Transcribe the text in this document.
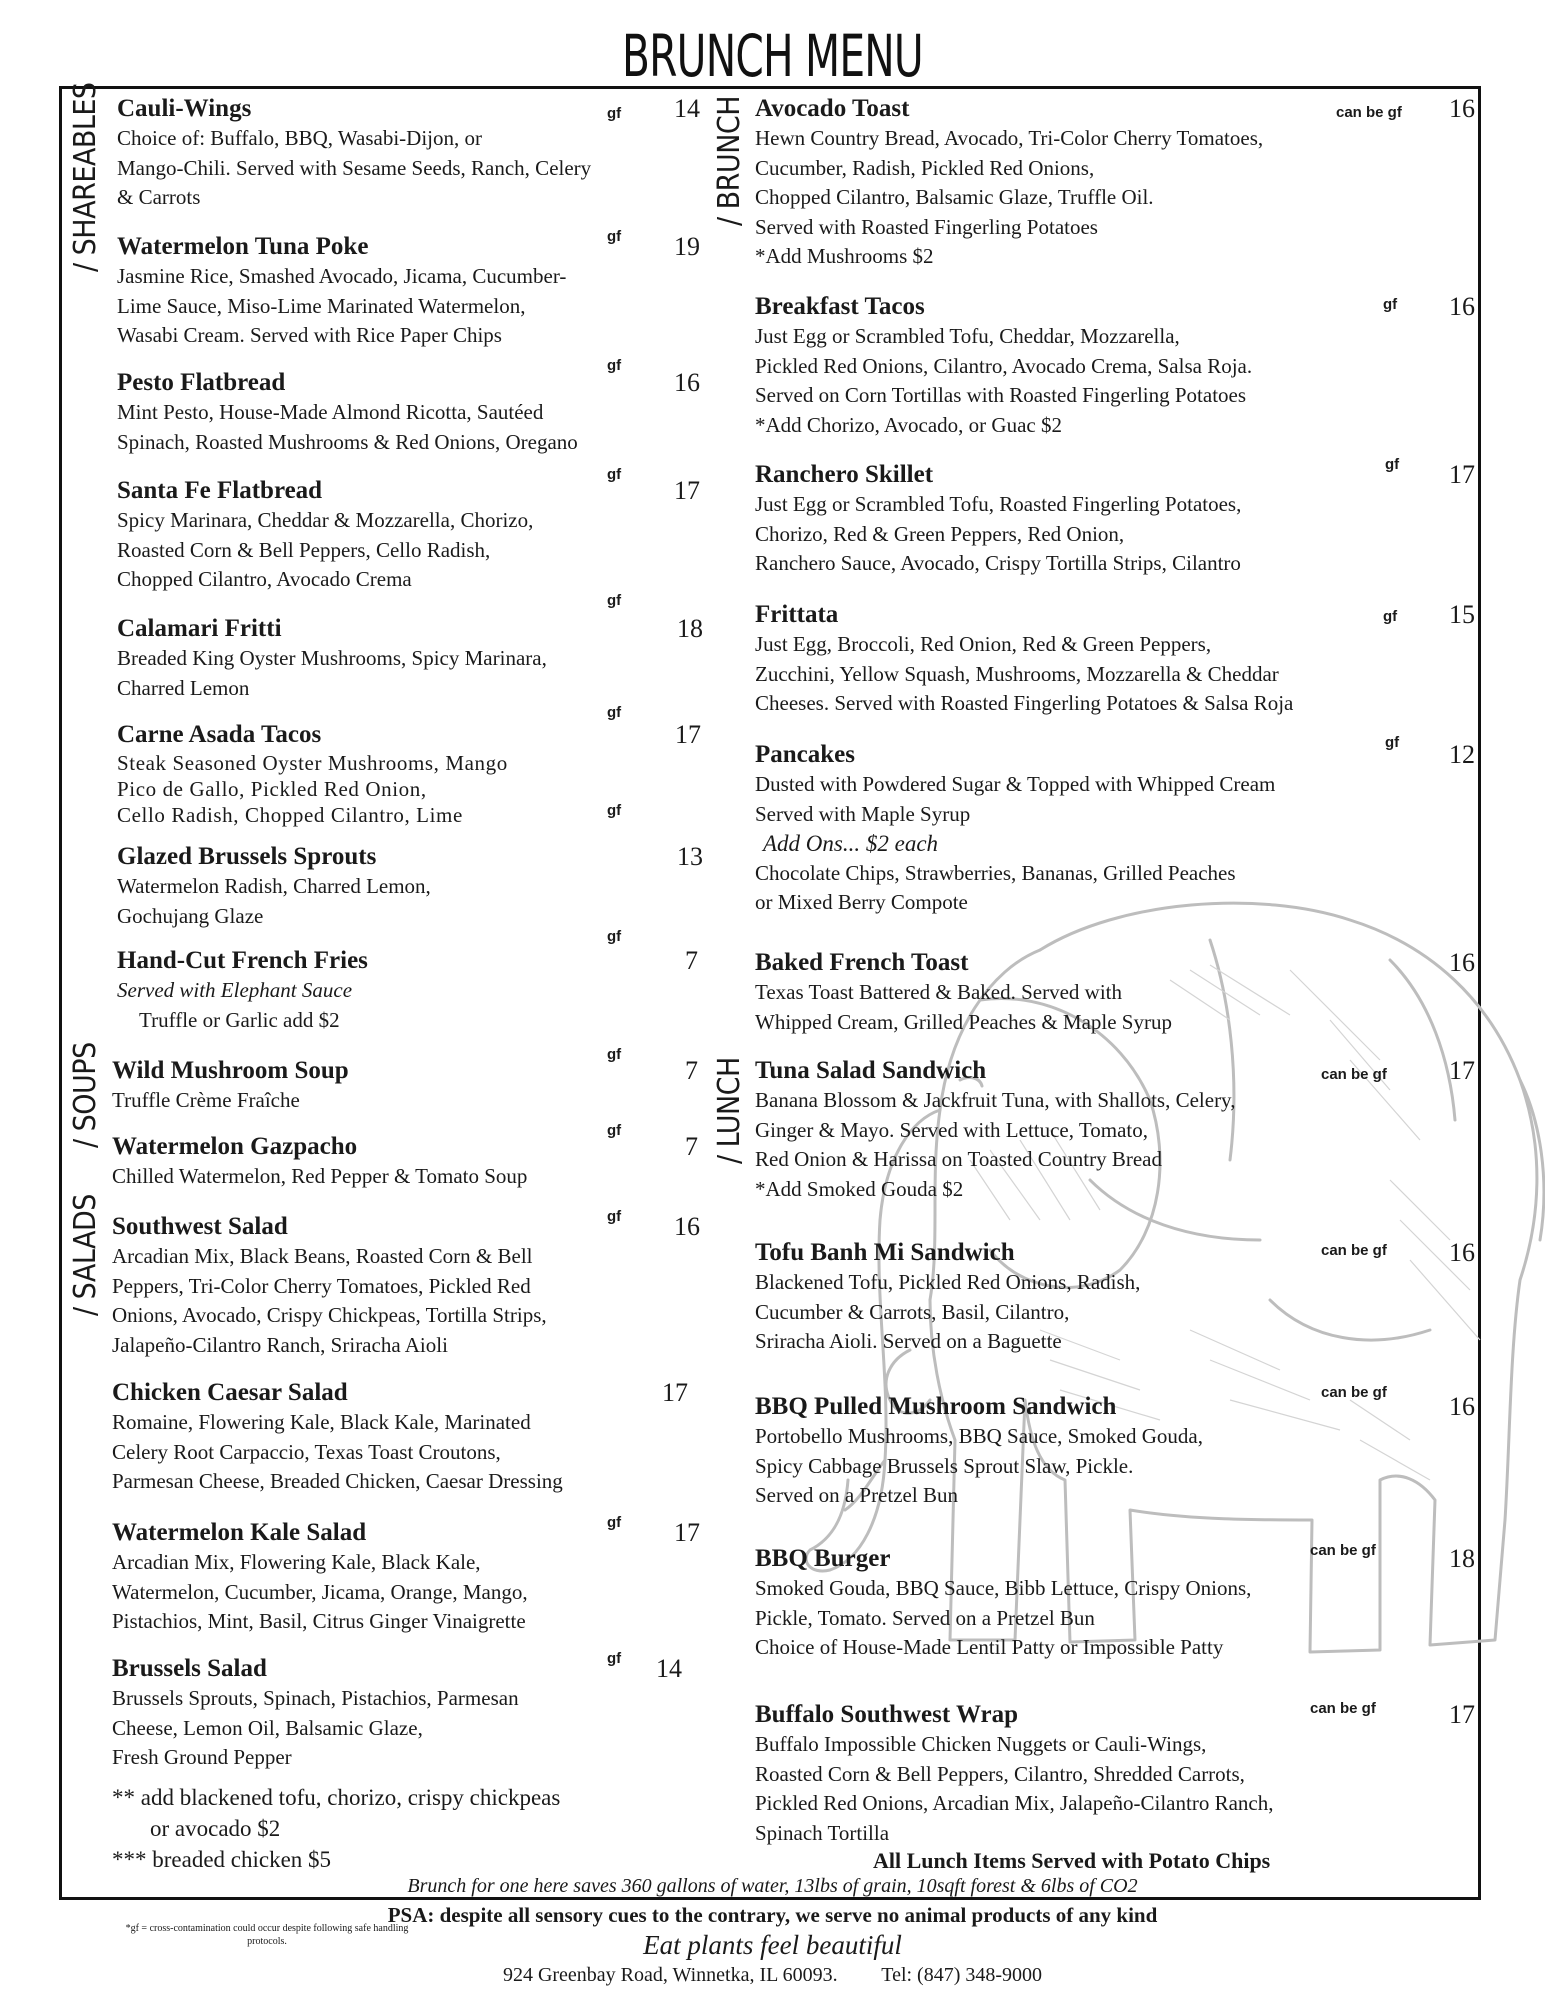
BRUNCH MENU
/ SHAREABLES
/ SOUPS
/ SALADS
/ BRUNCH
/ LUNCH
Cauli-Wings
Choice of: Buffalo, BBQ, Wasabi-Dijon, or
Mango-Chili. Served with Sesame Seeds, Ranch, Celery
& Carrots
gf	14
Watermelon Tuna Poke
Jasmine Rice, Smashed Avocado, Jicama, Cucumber-
Lime Sauce, Miso-Lime Marinated Watermelon,
Wasabi Cream. Served with Rice Paper Chips
gf	19
Pesto Flatbread
Mint Pesto, House-Made Almond Ricotta, Sautéed
Spinach, Roasted Mushrooms & Red Onions, Oregano
gf
16
Santa Fe Flatbread
Spicy Marinara, Cheddar & Mozzarella, Chorizo,
Roasted Corn & Bell Peppers, Cello Radish,
Chopped Cilantro, Avocado Crema
gf
17
Calamari Fritti
Breaded King Oyster Mushrooms, Spicy Marinara,
Charred Lemon
gf
18
Carne Asada Tacos
Steak Seasoned Oyster Mushrooms, Mango
Pico de Gallo, Pickled Red Onion,
Cello Radish, Chopped Cilantro, Lime
gf
17
Glazed Brussels Sprouts
Watermelon Radish, Charred Lemon,
Gochujang Glaze
gf
13
Hand-Cut French Fries
Served with Elephant Sauce
Truffle or Garlic add $2
gf
7
Wild Mushroom Soup
Truffle Crème Fraîche
gf
7
Watermelon Gazpacho
Chilled Watermelon, Red Pepper & Tomato Soup
gf
7
Southwest Salad
Arcadian Mix, Black Beans, Roasted Corn & Bell
Peppers, Tri-Color Cherry Tomatoes, Pickled Red
Onions, Avocado, Crispy Chickpeas, Tortilla Strips,
Jalapeño-Cilantro Ranch, Sriracha Aioli
gf	16
Chicken Caesar Salad
Romaine, Flowering Kale, Black Kale, Marinated
Celery Root Carpaccio, Texas Toast Croutons,
Parmesan Cheese, Breaded Chicken, Caesar Dressing
17
Watermelon Kale Salad
Arcadian Mix, Flowering Kale, Black Kale,
Watermelon, Cucumber, Jicama, Orange, Mango,
Pistachios, Mint, Basil, Citrus Ginger Vinaigrette
gf	17
Brussels Salad
Brussels Sprouts, Spinach, Pistachios, Parmesan
Cheese, Lemon Oil, Balsamic Glaze,
Fresh Ground Pepper
gf	14
** add blackened tofu, chorizo, crispy chickpeas
or avocado $2
*** breaded chicken $5
Avocado Toast
Hewn Country Bread, Avocado, Tri-Color Cherry Tomatoes,
Cucumber, Radish, Pickled Red Onions,
Chopped Cilantro, Balsamic Glaze, Truffle Oil.
Served with Roasted Fingerling Potatoes
*Add Mushrooms $2
can be gf	16
Breakfast Tacos
Just Egg or Scrambled Tofu, Cheddar, Mozzarella,
Pickled Red Onions, Cilantro, Avocado Crema, Salsa Roja.
Served on Corn Tortillas with Roasted Fingerling Potatoes
*Add Chorizo, Avocado, or Guac $2
gf	16
Ranchero Skillet
Just Egg or Scrambled Tofu, Roasted Fingerling Potatoes,
Chorizo, Red & Green Peppers, Red Onion,
Ranchero Sauce, Avocado, Crispy Tortilla Strips, Cilantro
gf	17
Frittata
Just Egg, Broccoli, Red Onion, Red & Green Peppers,
Zucchini, Yellow Squash, Mushrooms, Mozzarella & Cheddar
Cheeses. Served with Roasted Fingerling Potatoes & Salsa Roja
gf	15
Pancakes
Dusted with Powdered Sugar & Topped with Whipped Cream
Served with Maple Syrup
Add Ons... $2 each
Chocolate Chips, Strawberries, Bananas, Grilled Peaches
or Mixed Berry Compote
gf	12
Baked French Toast
Texas Toast Battered & Baked. Served with
Whipped Cream, Grilled Peaches & Maple Syrup
16
Tuna Salad Sandwich
Banana Blossom & Jackfruit Tuna, with Shallots, Celery,
Ginger & Mayo. Served with Lettuce, Tomato,
Red Onion & Harissa on Toasted Country Bread
*Add Smoked Gouda $2
can be gf	17
Tofu Banh Mi Sandwich
Blackened Tofu, Pickled Red Onions, Radish,
Cucumber & Carrots, Basil, Cilantro,
Sriracha Aioli. Served on a Baguette
can be gf	16
BBQ Pulled Mushroom Sandwich
Portobello Mushrooms, BBQ Sauce, Smoked Gouda,
Spicy Cabbage Brussels Sprout Slaw, Pickle.
Served on a Pretzel Bun
can be gf	16
BBQ Burger
Smoked Gouda, BBQ Sauce, Bibb Lettuce, Crispy Onions,
Pickle, Tomato. Served on a Pretzel Bun
Choice of House-Made Lentil Patty or Impossible Patty
can be gf	18
Buffalo Southwest Wrap
Buffalo Impossible Chicken Nuggets or Cauli-Wings,
Roasted Corn & Bell Peppers, Cilantro, Shredded Carrots,
Pickled Red Onions, Arcadian Mix, Jalapeño-Cilantro Ranch,
Spinach Tortilla
can be gf	17
All Lunch Items Served with Potato Chips
Brunch for one here saves 360 gallons of water, 13lbs of grain, 10sqft forest & 6lbs of CO2
PSA: despite all sensory cues to the contrary, we serve no animal products of any kind
*gf = cross-contamination could occur despite following safe handling protocols.	Eat plants feel beautiful
924 Greenbay Road, Winnetka, IL 60093. Tel: (847) 348-9000
